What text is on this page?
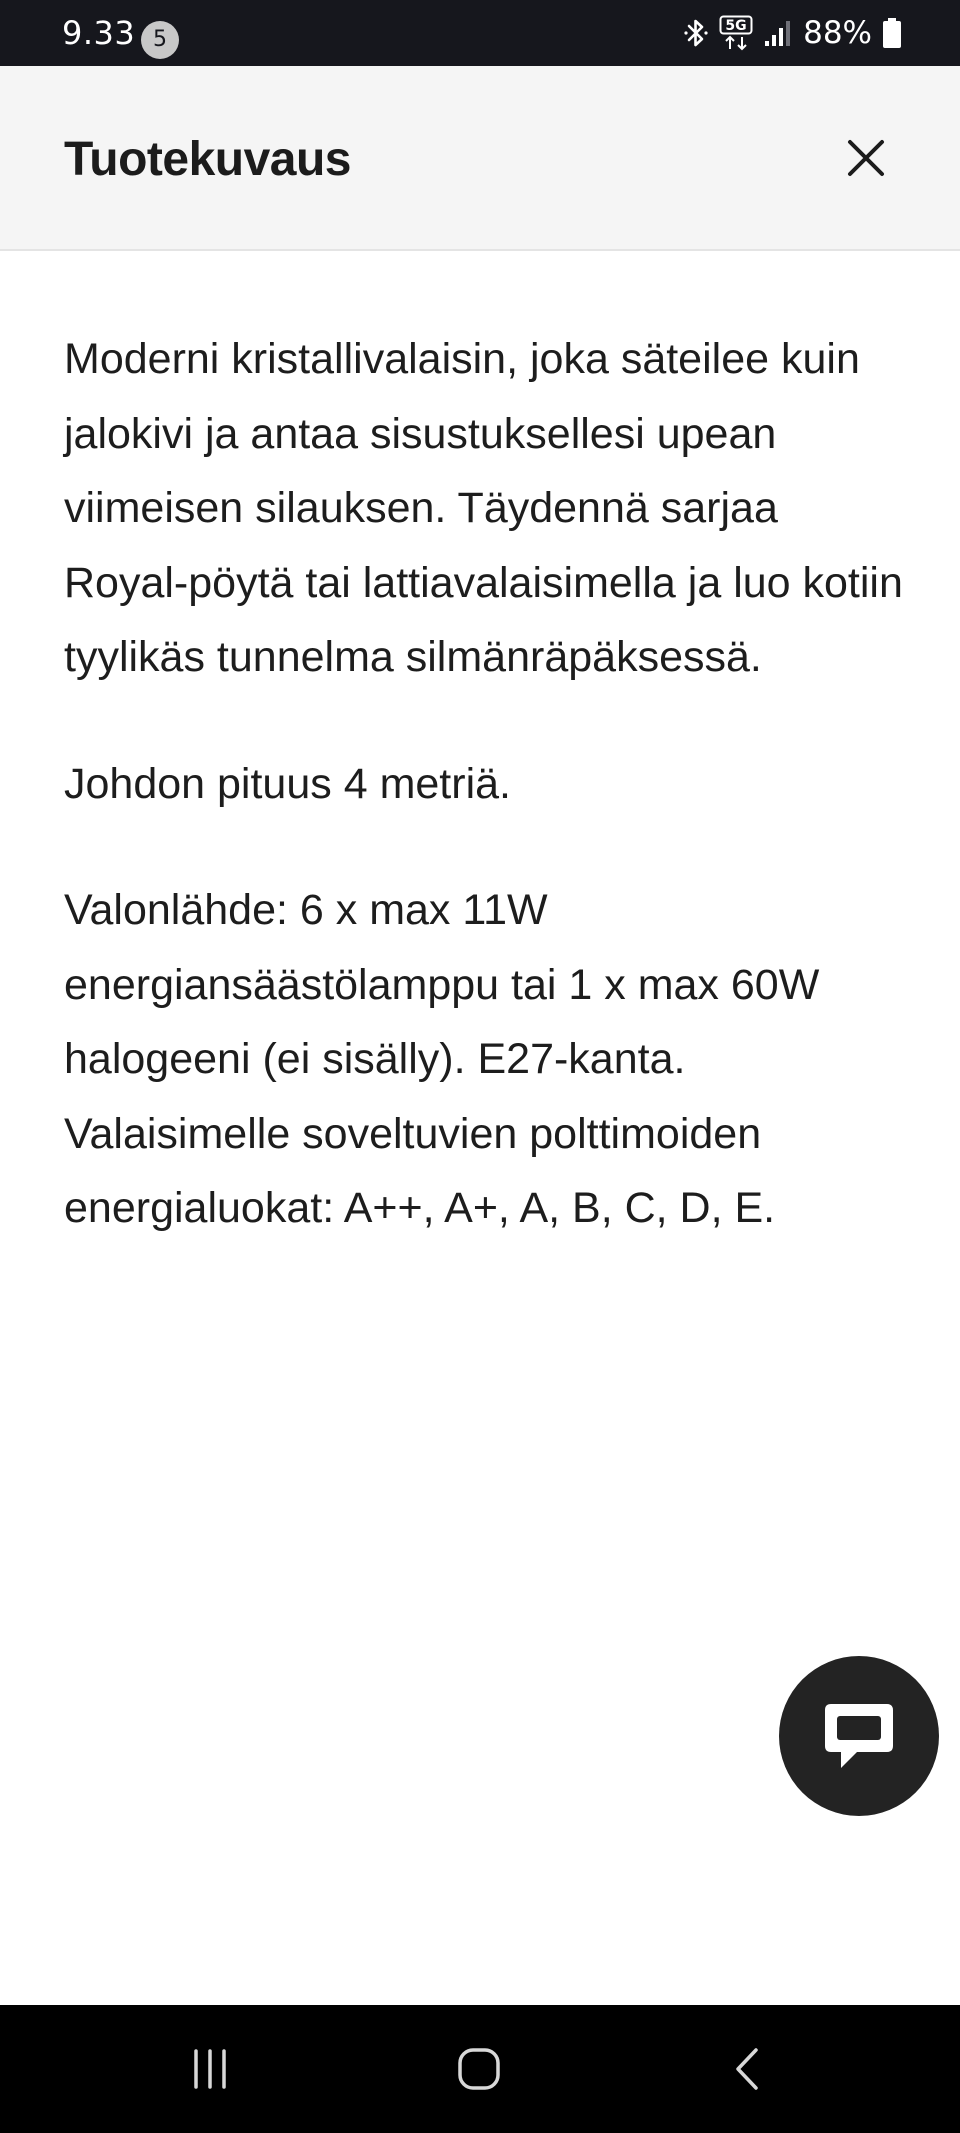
9.33 5
5G 88%
Tuotekuvaus

Moderni kristallivalaisin, joka säteilee kuin jalokivi ja antaa sisustuksellesi upean viimeisen silauksen. Täydennä sarjaa Royal-pöytä tai lattiavalaisimella ja luo kotiin tyylikäs tunnelma silmänräpäksessä.

Johdon pituus 4 metriä.

Valonlähde: 6 x max 11W energiansäästölamppu tai 1 x max 60W halogeeni (ei sisälly). E27-kanta. Valaisimelle soveltuvien polttimoiden energialuokat: A++, A+, A, B, C, D, E.
